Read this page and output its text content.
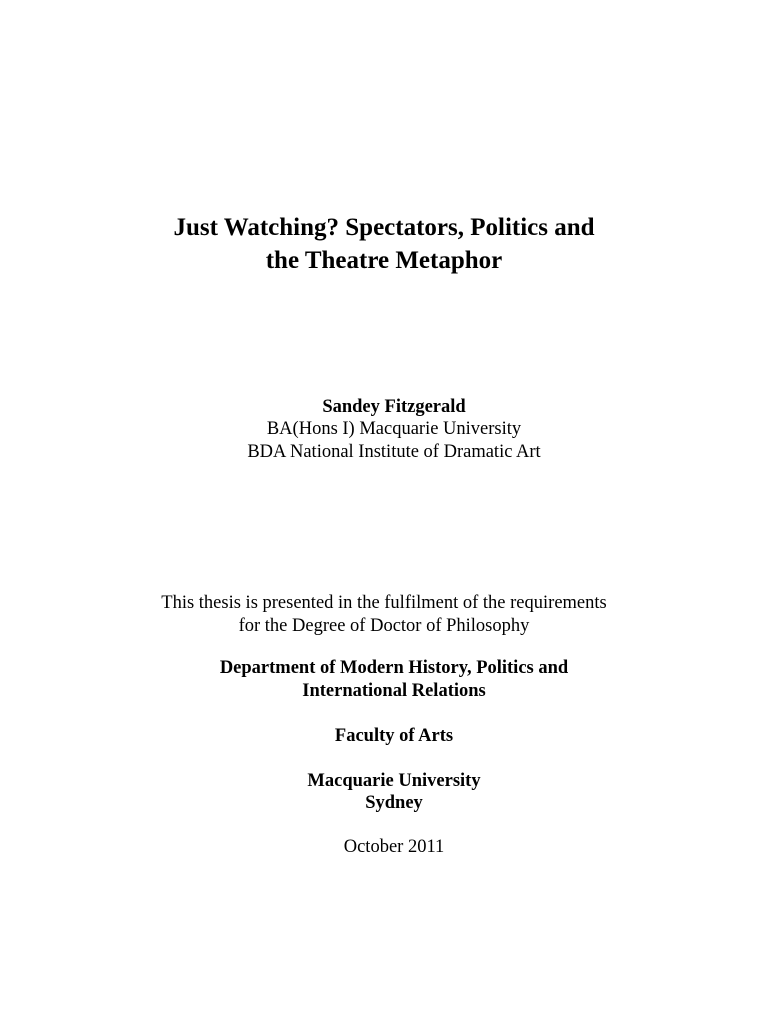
Just Watching? Spectators, Politics and
the Theatre Metaphor
Sandey Fitzgerald
BA(Hons I) Macquarie University
BDA National Institute of Dramatic Art
This thesis is presented in the fulfilment of the requirements
for the Degree of Doctor of Philosophy
Department of Modern History, Politics and
International Relations
Faculty of Arts
Macquarie University
Sydney
October 2011
